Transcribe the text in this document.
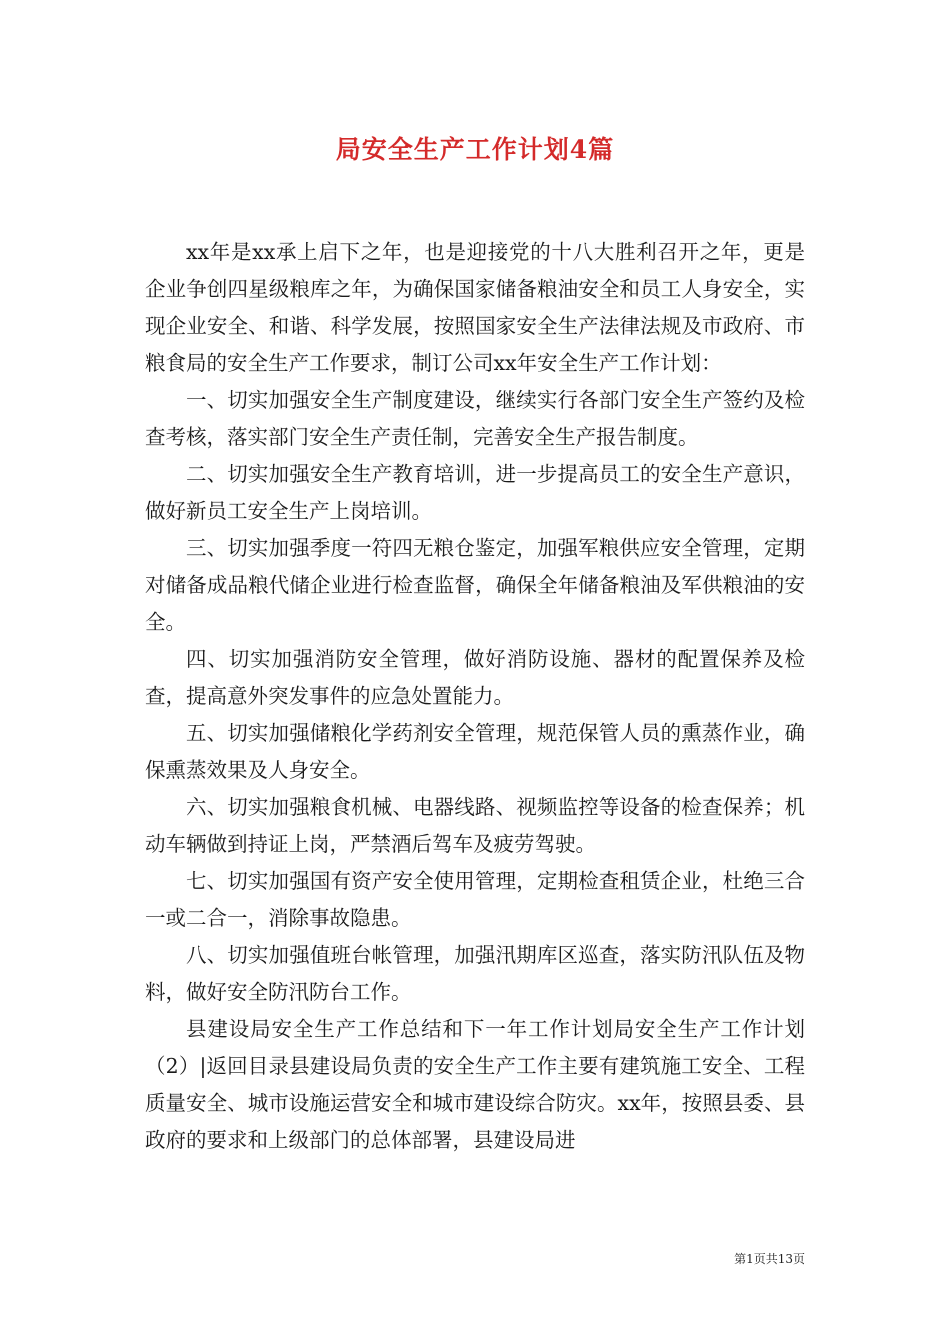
局安全生产工作计划4篇

xx年是xx承上启下之年，也是迎接党的十八大胜利召开之年，更是企业争创四星级粮库之年，为确保国家储备粮油安全和员工人身安全，实现企业安全、和谐、科学发展，按照国家安全生产法律法规及市政府、市粮食局的安全生产工作要求，制订公司xx年安全生产工作计划：

一、切实加强安全生产制度建设，继续实行各部门安全生产签约及检查考核，落实部门安全生产责任制，完善安全生产报告制度。

二、切实加强安全生产教育培训，进一步提高员工的安全生产意识，做好新员工安全生产上岗培训。

三、切实加强季度一符四无粮仓鉴定，加强军粮供应安全管理，定期对储备成品粮代储企业进行检查监督，确保全年储备粮油及军供粮油的安全。

四、切实加强消防安全管理，做好消防设施、器材的配置保养及检查，提高意外突发事件的应急处置能力。

五、切实加强储粮化学药剂安全管理，规范保管人员的熏蒸作业，确保熏蒸效果及人身安全。

六、切实加强粮食机械、电器线路、视频监控等设备的检查保养；机动车辆做到持证上岗，严禁酒后驾车及疲劳驾驶。

七、切实加强国有资产安全使用管理，定期检查租赁企业，杜绝三合一或二合一，消除事故隐患。

八、切实加强值班台帐管理，加强汛期库区巡查，落实防汛队伍及物料，做好安全防汛防台工作。

县建设局安全生产工作总结和下一年工作计划局安全生产工作计划（2）|返回目录县建设局负责的安全生产工作主要有建筑施工安全、工程质量安全、城市设施运营安全和城市建设综合防灾。xx年，按照县委、县政府的要求和上级部门的总体部署，县建设局进

第1页共13页
